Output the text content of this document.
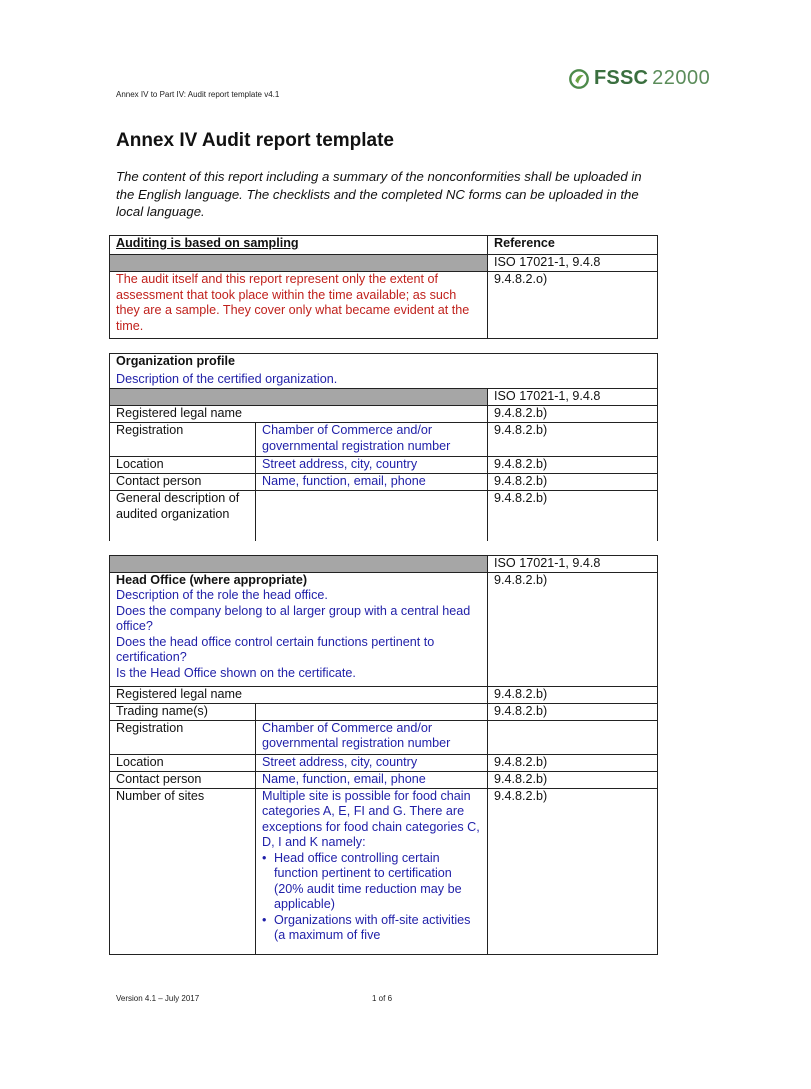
Annex IV to Part IV: Audit report template v4.1
FSSC 22000
Annex IV Audit report template
The content of this report including a summary of the nonconformities shall be uploaded in the English language. The checklists and the completed NC forms can be uploaded in the local language.
Auditing is based on sampling	Reference
	ISO 17021-1, 9.4.8
The audit itself and this report represent only the extent of assessment that took place within the time available; as such they are a sample. They cover only what became evident at the time.	9.4.8.2.o)
Organization profile		
Description of the certified organization.		
		ISO 17021-1, 9.4.8
Registered legal name		9.4.8.2.b)
Registration	Chamber of Commerce and/or governmental registration number	9.4.8.2.b)
Location	Street address, city, country	9.4.8.2.b)
Contact person	Name, function, email, phone	9.4.8.2.b)
General description of audited organization		9.4.8.2.b)
		ISO 17021-1, 9.4.8

Head Office (where appropriate)
Description of the role the head office.
Does the company belong to al larger group with a central head office?
Does the head office control certain functions pertinent to certification?
Is the Head Office shown on the certificate.		9.4.8.2.b)
Registered legal name		9.4.8.2.b)
Trading name(s)		9.4.8.2.b)
Registration	Chamber of Commerce and/or governmental registration number	
Location	Street address, city, country	9.4.8.2.b)
Contact person	Name, function, email, phone	9.4.8.2.b)
Number of sites	Multiple site is possible for food chain categories A, E, FI and G. There are exceptions for food chain categories C, D, I and K namely:
• Head office controlling certain function pertinent to certification (20% audit time reduction may be applicable)
• Organizations with off-site activities (a maximum of five	9.4.8.2.b)
Version 4.1 – July 2017	1 of 6
